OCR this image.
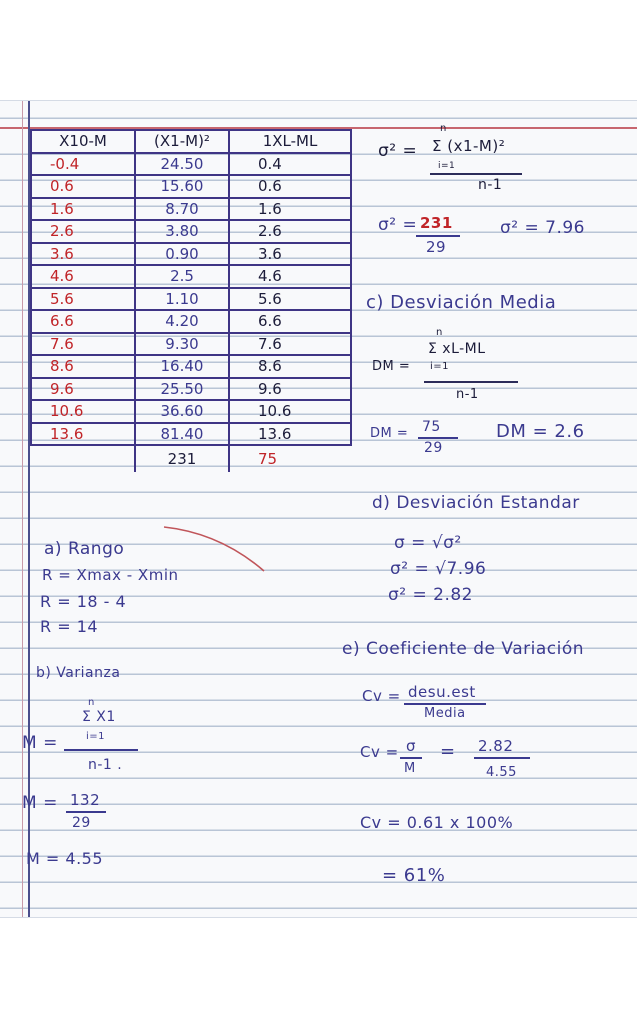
X10-M	(X1-M)²	1XL-ML
-0.4	24.50	0.4
0.6	15.60	0.6
1.6	8.70	1.6
2.6	3.80	2.6
3.6	0.90	3.6
4.6	2.5	4.6
5.6	1.10	5.6
6.6	4.20	6.6
7.6	9.30	7.6
8.6	16.40	8.6
9.6	25.50	9.6
10.6	36.60	10.6
13.6	81.40	13.6
	231	75
σ² =
n
Σ (x1-M)²
i=1
n-1
σ² = 231
29
σ² = 7.96
c) Desviación Media
n
DM =
Σ xL-ML
i=1
n-1
DM = 75
29
DM = 2.6
d) Desviación Estandar
σ = √σ²
σ² = √7.96
σ² = 2.82
e) Coeficiente de Variación
Cv = desu.est
Media
Cv = σ
M
= 2.82
4.55
Cv = 0.61 x 100%
= 61%
a) Rango
R = Xmax - Xmin
R = 18 - 4
R = 14
b) Varianza
n
Σ X1
M =	i=1
n-1 .
M = 132
29
M = 4.55
